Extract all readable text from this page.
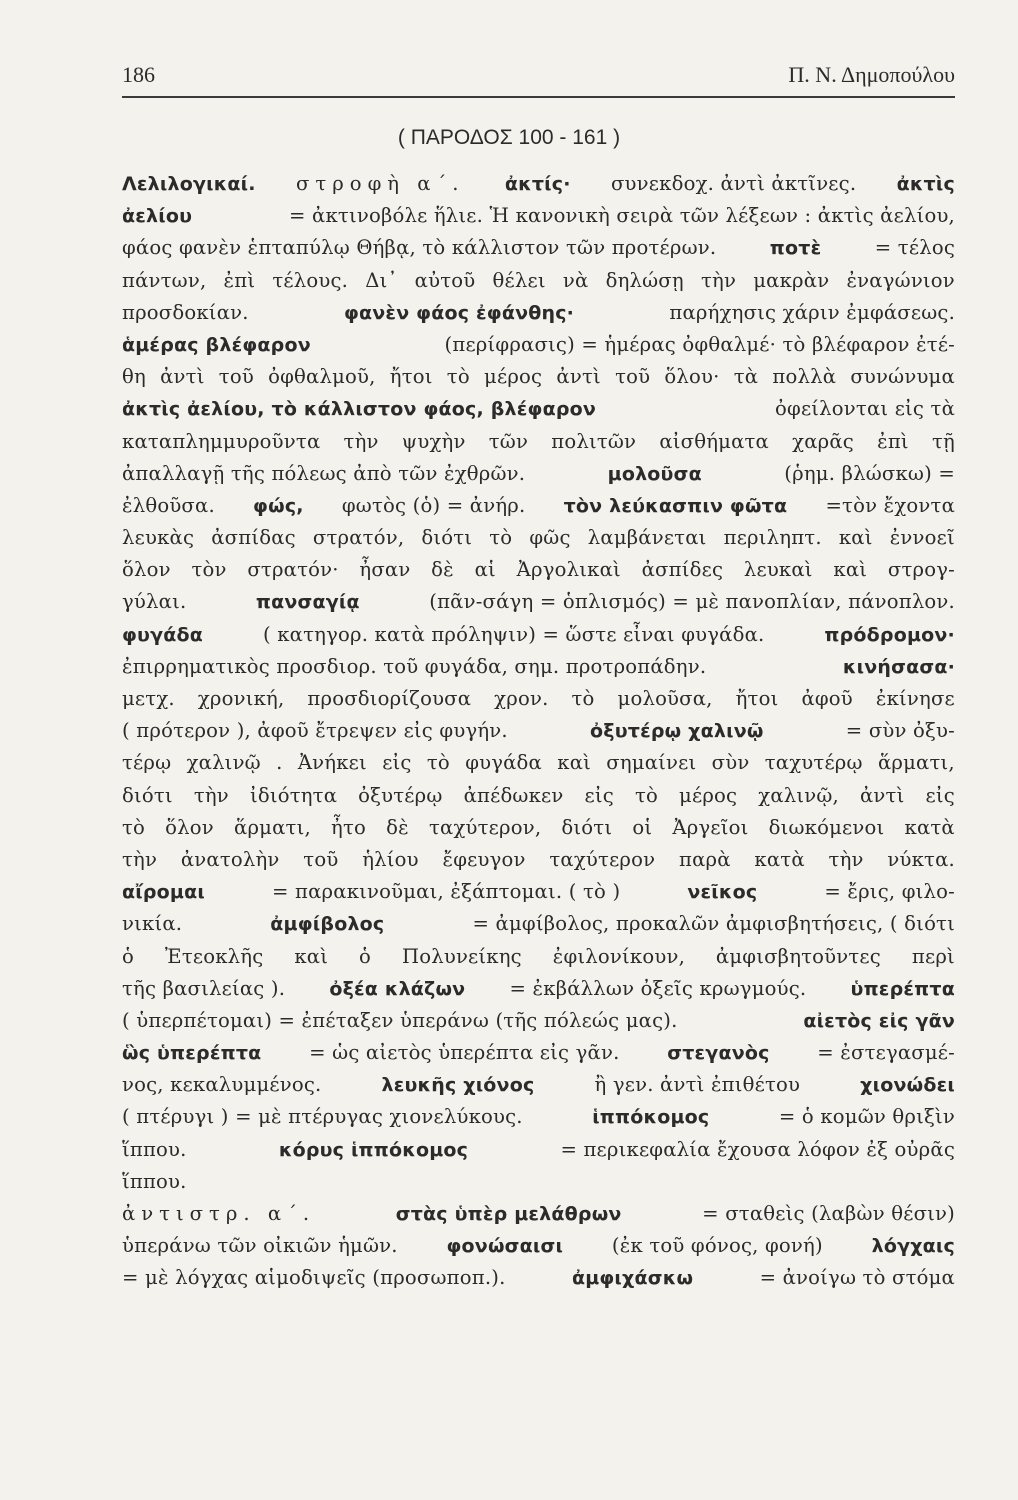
186	Π. Ν. Δημοπούλου
( ΠΑΡΟΔΟΣ 100 - 161 )
Λελιλογικαί. στροφὴ α΄. ἀκτίς· συνεκδοχ. ἀντὶ ἀκτῖνες. ἀκτὶς
ἀελίου	= ἀκτινοβόλε ἥλιε. Ἡ κανονικὴ σειρὰ τῶν λέξεων : ἀκτὶς ἀελίου,
φάος φανὲν ἑπταπύλῳ Θήβᾳ, τὸ κάλλιστον τῶν προτέρων.	ποτὲ	= τέλος
πάντων, ἐπὶ τέλους. Δι᾽ αὐτοῦ θέλει νὰ δηλώσῃ τὴν μακρὰν ἐναγώνιον
προσδοκίαν.	φανὲν φάος ἐφάνθης·	παρήχησις χάριν ἐμφάσεως.
ἁμέρας βλέφαρον	(περίφρασις) = ἡμέρας ὀφθαλμέ· τὸ βλέφαρον ἐτέ-
θη ἀντὶ τοῦ ὀφθαλμοῦ, ἤτοι τὸ μέρος ἀντὶ τοῦ ὅλου· τὰ πολλὰ συνώνυμα
ἀκτὶς ἀελίου, τὸ κάλλιστον φάος, βλέφαρον	ὀφείλονται εἰς τὰ
καταπλημμυροῦντα τὴν ψυχὴν τῶν πολιτῶν αἰσθήματα χαρᾶς ἐπὶ τῇ
ἀπαλλαγῇ τῆς πόλεως ἀπὸ τῶν ἐχθρῶν.	μολοῦσα	(ῥημ. βλώσκω) =
ἐλθοῦσα. φώς, φωτὸς (ὁ) = ἀνήρ. τὸν λεύκασπιν φῶτα =τὸν ἔχοντα
λευκὰς ἀσπίδας στρατόν, διότι τὸ φῶς λαμβάνεται περιληπτ. καὶ ἐννοεῖ
ὅλον τὸν στρατόν· ἦσαν δὲ αἱ Ἀργολικαὶ ἀσπίδες λευκαὶ καὶ στρογ-
γύλαι.	πανσαγίᾳ	(πᾶν-σάγη = ὁπλισμός) = μὲ πανοπλίαν, πάνοπλον.
φυγάδα	( κατηγορ. κατὰ πρόληψιν) = ὥστε εἶναι φυγάδα.	πρόδρομον·
ἐπιρρηματικὸς προσδιορ. τοῦ φυγάδα, σημ. προτροπάδην.	κινήσασα·
μετχ. χρονική, προσδιορίζουσα χρον. τὸ μολοῦσα, ἤτοι ἀφοῦ ἐκίνησε
( πρότερον ), ἀφοῦ ἔτρεψεν εἰς φυγήν.	ὀξυτέρῳ χαλινῷ	= σὺν ὀξυ-
τέρῳ χαλινῷ . Ἀνήκει εἰς τὸ φυγάδα καὶ σημαίνει σὺν ταχυτέρῳ ἅρματι,
διότι τὴν ἰδιότητα ὀξυτέρῳ ἀπέδωκεν εἰς τὸ μέρος χαλινῷ, ἀντὶ εἰς
τὸ ὅλον ἅρματι, ἦτο δὲ ταχύτερον, διότι οἱ Ἀργεῖοι διωκόμενοι κατὰ
τὴν ἀνατολὴν τοῦ ἡλίου ἔφευγον ταχύτερον παρὰ κατὰ τὴν νύκτα.
αἴρομαι	= παρακινοῦμαι, ἐξάπτομαι. ( τὸ )	νεῖκος	= ἔρις, φιλο-
νικία.	ἀμφίβολος	= ἀμφίβολος, προκαλῶν ἀμφισβητήσεις, ( διότι
ὁ Ἐτεοκλῆς καὶ ὁ Πολυνείκης ἐφιλονίκουν, ἀμφισβητοῦντες περὶ
τῆς βασιλείας ). ὀξέα κλάζων = ἐκβάλλων ὀξεῖς κρωγμούς. ὑπερέπτα
( ὑπερπέτομαι) = ἐπέταξεν ὑπεράνω (τῆς πόλεώς μας).	αἰετὸς εἰς γᾶν
ὣς ὑπερέπτα = ὡς αἰετὸς ὑπερέπτα εἰς γᾶν.	στεγανὸς = ἐστεγασμέ-
νος, κεκαλυμμένος.	λευκῆς χιόνος	ἢ γεν. ἀντὶ ἐπιθέτου	χιονώδει
( πτέρυγι ) = μὲ πτέρυγας χιονελύκους.	ἱππόκομος	= ὁ κομῶν θριξὶν
ἵππου.	κόρυς ἱππόκομος	= περικεφαλία ἔχουσα λόφον ἐξ οὐρᾶς
ἵππου.
ἀντιστρ. α΄.	στὰς ὑπὲρ μελάθρων	= σταθεὶς (λαβὼν θέσιν)
ὑπεράνω τῶν οἰκιῶν ἡμῶν.	φονώσαισι (ἐκ τοῦ φόνος, φονή)	λόγχαις
= μὲ λόγχας αἱμοδιψεῖς (προσωποπ.).	ἀμφιχάσκω	= ἀνοίγω τὸ στόμα
